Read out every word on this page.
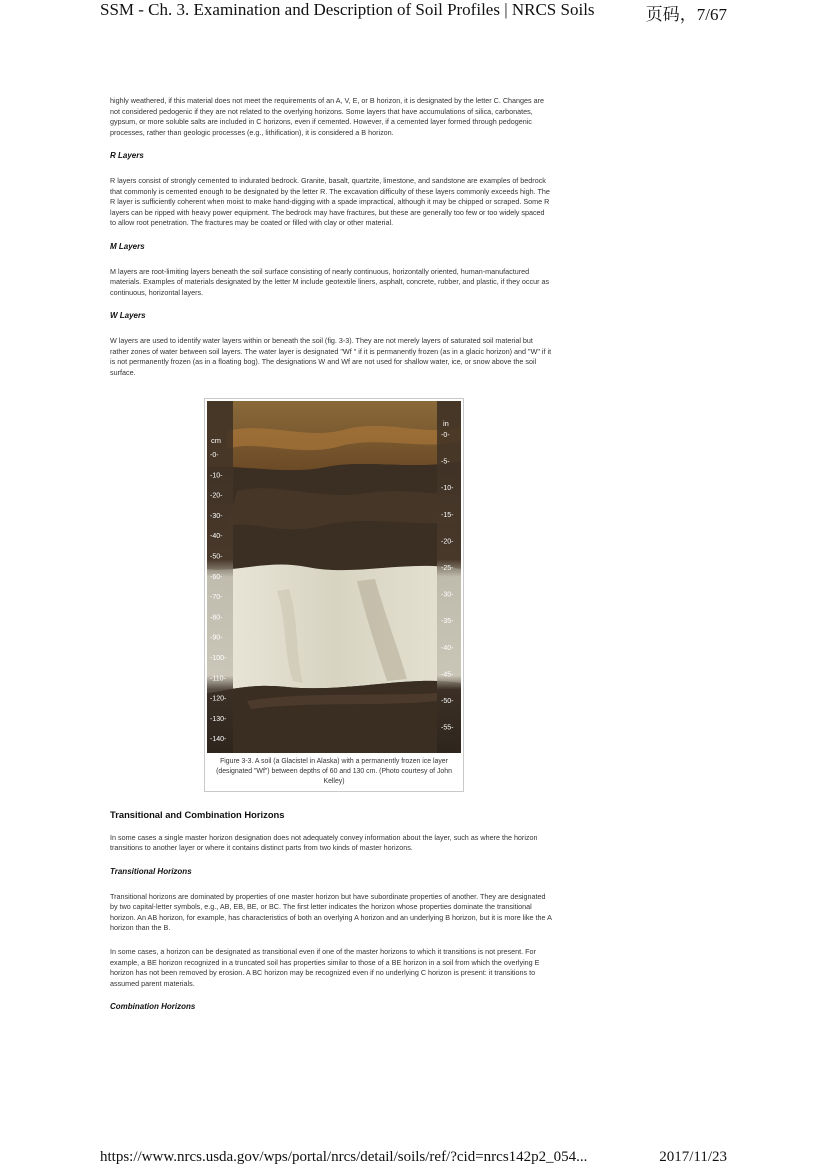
SSM - Ch. 3. Examination and Description of Soil Profiles | NRCS Soils	页码，7/67

highly weathered, if this material does not meet the requirements of an A, V, E, or B horizon, it is designated by the letter C. Changes are not considered pedogenic if they are not related to the overlying horizons. Some layers that have accumulations of silica, carbonates, gypsum, or more soluble salts are included in C horizons, even if cemented. However, if a cemented layer formed through pedogenic processes, rather than geologic processes (e.g., lithification), it is considered a B horizon.

R Layers

R layers consist of strongly cemented to indurated bedrock. Granite, basalt, quartzite, limestone, and sandstone are examples of bedrock that commonly is cemented enough to be designated by the letter R. The excavation difficulty of these layers commonly exceeds high. The R layer is sufficiently coherent when moist to make hand-digging with a spade impractical, although it may be chipped or scraped. Some R layers can be ripped with heavy power equipment. The bedrock may have fractures, but these are generally too few or too widely spaced to allow root penetration. The fractures may be coated or filled with clay or other material.

M Layers

M layers are root-limiting layers beneath the soil surface consisting of nearly continuous, horizontally oriented, human-manufactured materials. Examples of materials designated by the letter M include geotextile liners, asphalt, concrete, rubber, and plastic, if they occur as continuous, horizontal layers.

W Layers

W layers are used to identify water layers within or beneath the soil (fig. 3-3). They are not merely layers of saturated soil material but rather zones of water between soil layers. The water layer is designated "Wf " if it is permanently frozen (as in a glacic horizon) and "W" if it is not permanently frozen (as in a floating bog). The designations W and Wf are not used for shallow water, ice, or snow above the soil surface.

cm
in
-0-
-10-
-20-
-30-
-40-
-50-
-60-
-70-
-80-
-90-
-100-
-110-
-120-
-130-
-140-
-0-
-5-
-10-
-15-
-20-
-25-
-30-
-35-
-40-
-45-
-50-
-55-
Figure 3-3. A soil (a Glacistel in Alaska) with a permanently frozen ice layer (designated "Wf") between depths of 60 and 130 cm. (Photo courtesy of John Kelley)
Transitional and Combination Horizons

In some cases a single master horizon designation does not adequately convey information about the layer, such as where the horizon transitions to another layer or where it contains distinct parts from two kinds of master horizons.

Transitional Horizons

Transitional horizons are dominated by properties of one master horizon but have subordinate properties of another. They are designated by two capital-letter symbols, e.g., AB, EB, BE, or BC. The first letter indicates the horizon whose properties dominate the transitional horizon. An AB horizon, for example, has characteristics of both an overlying A horizon and an underlying B horizon, but it is more like the A horizon than the B.

In some cases, a horizon can be designated as transitional even if one of the master horizons to which it transitions is not present. For example, a BE horizon recognized in a truncated soil has properties similar to those of a BE horizon in a soil from which the overlying E horizon has not been removed by erosion. A BC horizon may be recognized even if no underlying C horizon is present: it transitions to assumed parent materials.

Combination Horizons
https://www.nrcs.usda.gov/wps/portal/nrcs/detail/soils/ref/?cid=nrcs142p2_054...	2017/11/23
